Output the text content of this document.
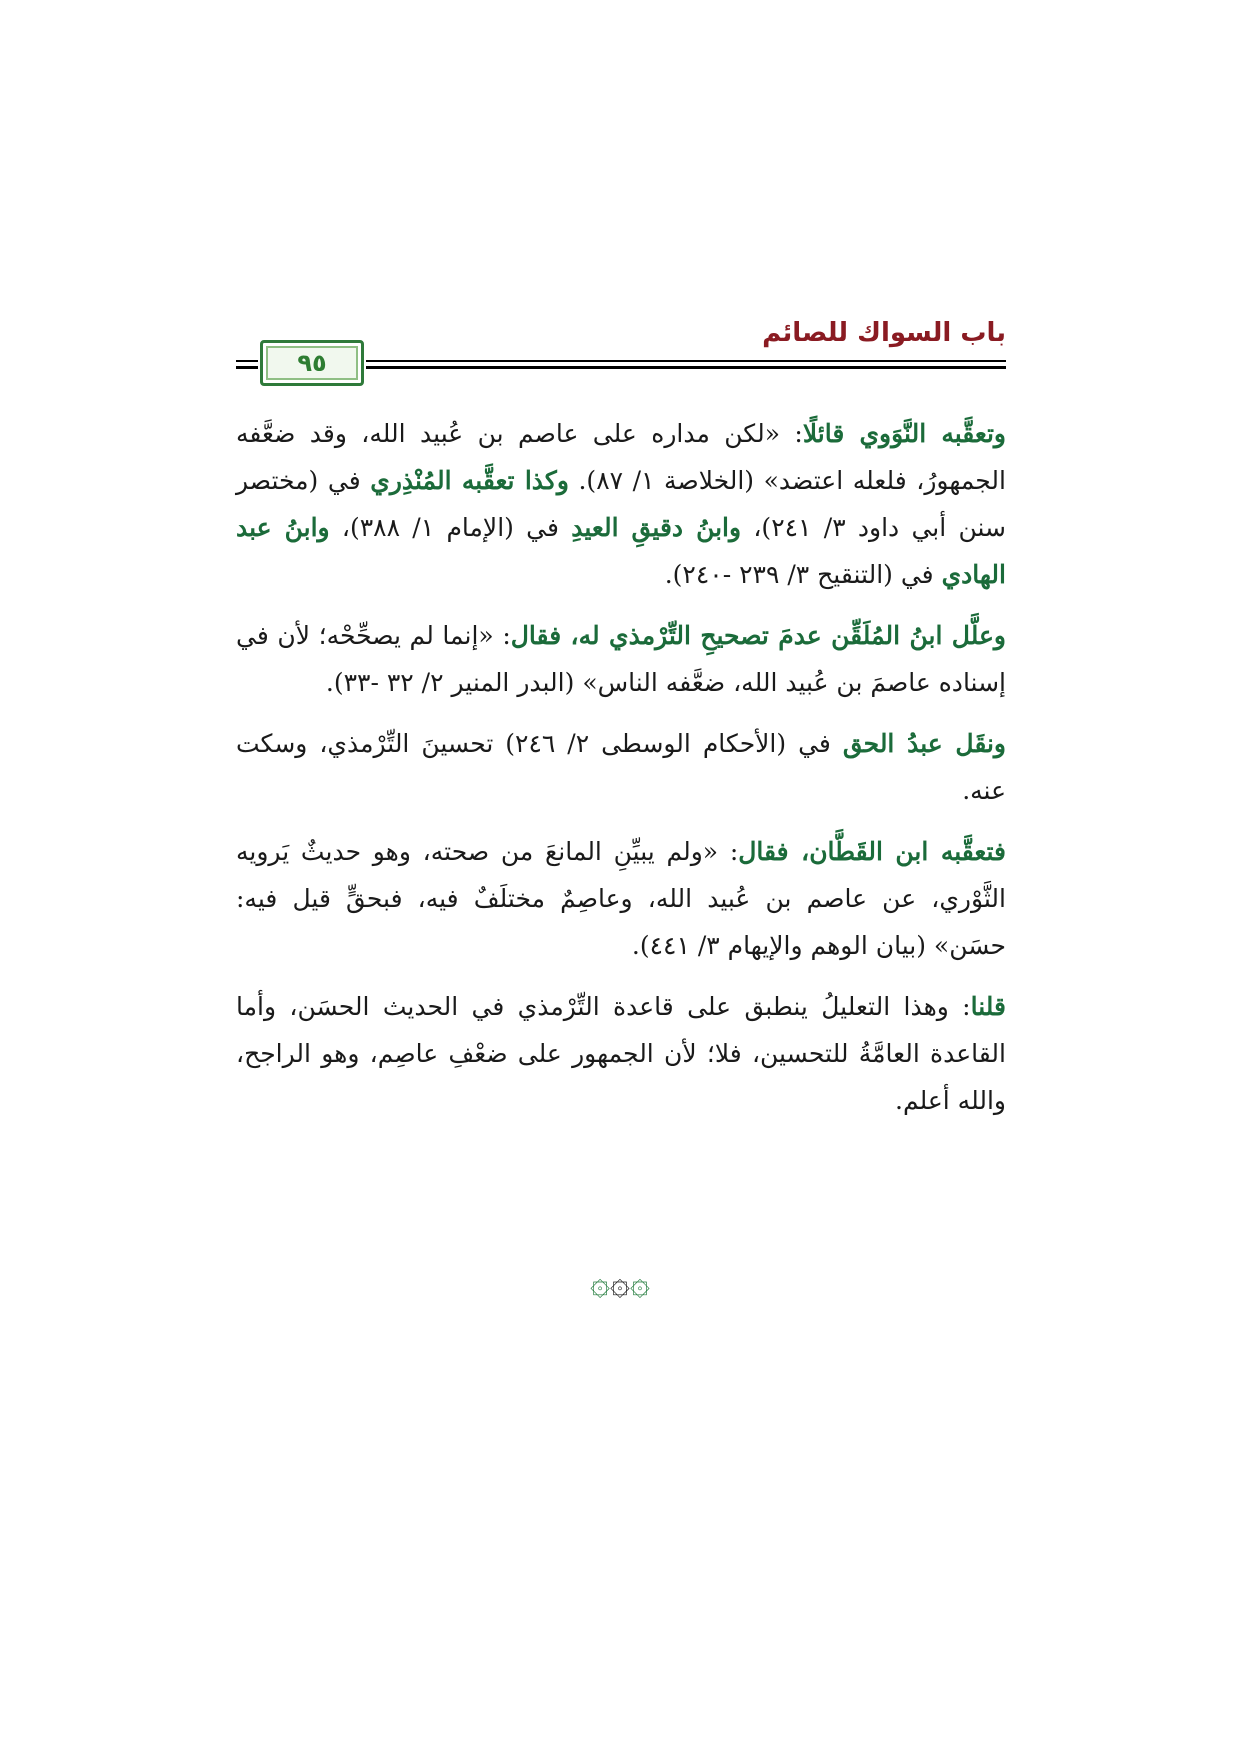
باب السواك للصائم
٩٥

وتعقَّبه النَّوَوي قائلًا: «لكن مداره على عاصم بن عُبيد الله، وقد ضعَّفه الجمهورُ، فلعله اعتضد» (الخلاصة ١/ ٨٧). وكذا تعقَّبه المُنْذِري في (مختصر سنن أبي داود ٣/ ٢٤١)، وابنُ دقيقِ العيدِ في (الإمام ١/ ٣٨٨)، وابنُ عبد الهادي في (التنقيح ٣/ ٢٣٩ -٢٤٠).

وعلَّل ابنُ المُلَقِّن عدمَ تصحيحِ التِّرْمذي له، فقال: «إنما لم يصحِّحْه؛ لأن في إسناده عاصمَ بن عُبيد الله، ضعَّفه الناس» (البدر المنير ٢/ ٣٢ -٣٣).

ونقَل عبدُ الحق في (الأحكام الوسطى ٢/ ٢٤٦) تحسينَ التِّرْمذي، وسكت عنه.

فتعقَّبه ابن القَطَّان، فقال: «ولم يبيِّنِ المانعَ من صحته، وهو حديثٌ يَرويه الثَّوْري، عن عاصم بن عُبيد الله، وعاصِمٌ مختلَفٌ فيه، فبحقٍّ قيل فيه: حسَن» (بيان الوهم والإيهام ٣/ ٤٤١).

قلنا: وهذا التعليلُ ينطبق على قاعدة التِّرْمذي في الحديث الحسَن، وأما القاعدة العامَّةُ للتحسين، فلا؛ لأن الجمهور على ضعْفِ عاصِم، وهو الراجح، والله أعلم.

۞۞۞
